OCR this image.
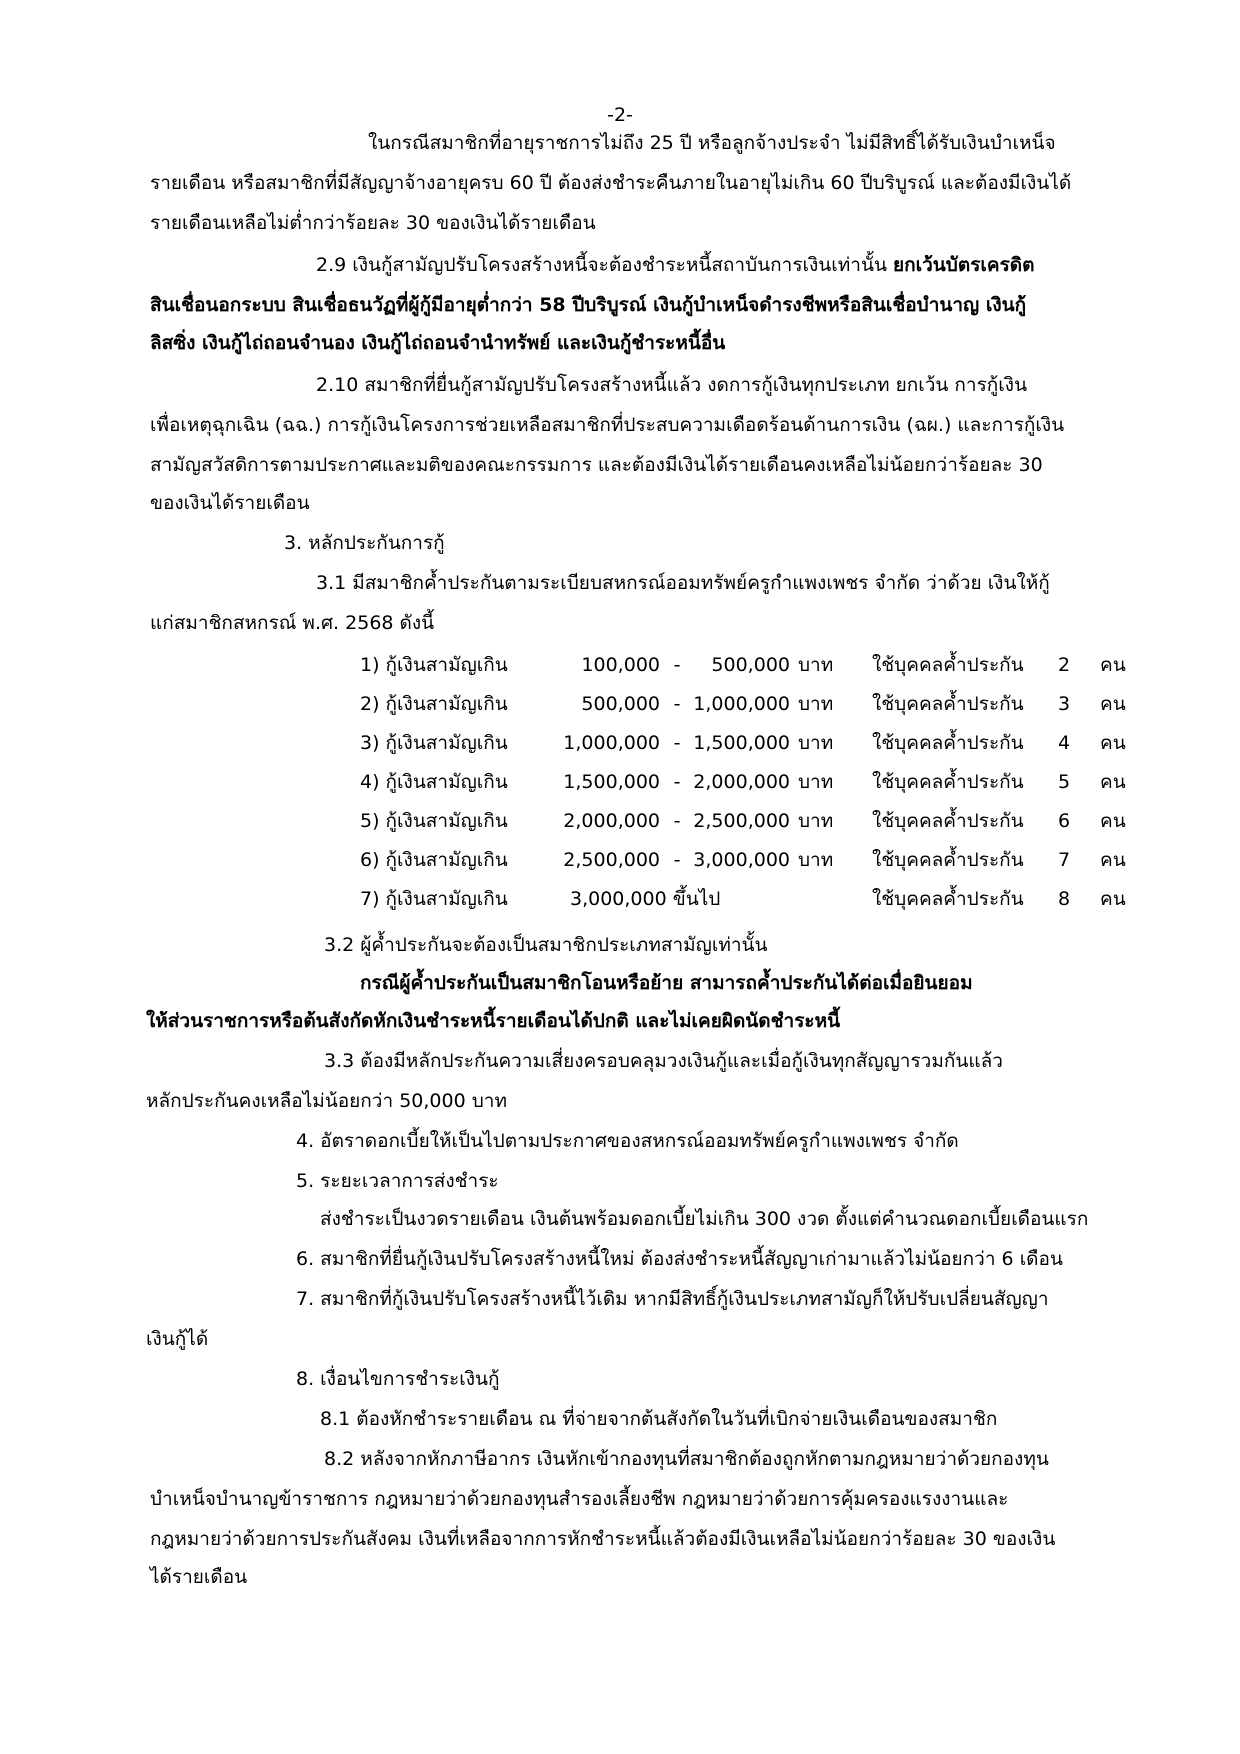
-2-
ในกรณีสมาชิกที่อายุราชการไม่ถึง 25 ปี หรือลูกจ้างประจำ ไม่มีสิทธิ์ได้รับเงินบำเหน็จ
รายเดือน หรือสมาชิกที่มีสัญญาจ้างอายุครบ 60 ปี ต้องส่งชำระคืนภายในอายุไม่เกิน 60 ปีบริบูรณ์ และต้องมีเงินได้
รายเดือนเหลือไม่ต่ำกว่าร้อยละ 30 ของเงินได้รายเดือน
2.9 เงินกู้สามัญปรับโครงสร้างหนี้จะต้องชำระหนี้สถาบันการเงินเท่านั้น ยกเว้นบัตรเครดิต
สินเชื่อนอกระบบ สินเชื่อธนวัฏที่ผู้กู้มีอายุต่ำกว่า 58 ปีบริบูรณ์ เงินกู้บำเหน็จดำรงชีพหรือสินเชื่อบำนาญ เงินกู้
ลิสซิ่ง เงินกู้ไถ่ถอนจำนอง เงินกู้ไถ่ถอนจำนำทรัพย์ และเงินกู้ชำระหนี้อื่น
2.10 สมาชิกที่ยื่นกู้สามัญปรับโครงสร้างหนี้แล้ว งดการกู้เงินทุกประเภท ยกเว้น การกู้เงิน
เพื่อเหตุฉุกเฉิน (ฉฉ.) การกู้เงินโครงการช่วยเหลือสมาชิกที่ประสบความเดือดร้อนด้านการเงิน (ฉผ.) และการกู้เงิน
สามัญสวัสดิการตามประกาศและมติของคณะกรรมการ และต้องมีเงินได้รายเดือนคงเหลือไม่น้อยกว่าร้อยละ 30
ของเงินได้รายเดือน
3. หลักประกันการกู้
3.1 มีสมาชิกค้ำประกันตามระเบียบสหกรณ์ออมทรัพย์ครูกำแพงเพชร จำกัด ว่าด้วย เงินให้กู้
แก่สมาชิกสหกรณ์ พ.ศ. 2568 ดังนี้
1) กู้เงินสามัญเกิน	100,000 -	500,000 บาท ใช้บุคคลค้ำประกัน 2 คน
2) กู้เงินสามัญเกิน	500,000 - 1,000,000 บาท ใช้บุคคลค้ำประกัน 3 คน
3) กู้เงินสามัญเกิน	1,000,000 - 1,500,000 บาท ใช้บุคคลค้ำประกัน 4 คน
4) กู้เงินสามัญเกิน	1,500,000 - 2,000,000 บาท ใช้บุคคลค้ำประกัน 5 คน
5) กู้เงินสามัญเกิน	2,000,000 - 2,500,000 บาท ใช้บุคคลค้ำประกัน 6 คน
6) กู้เงินสามัญเกิน	2,500,000 - 3,000,000 บาท ใช้บุคคลค้ำประกัน 7 คน
7) กู้เงินสามัญเกิน	3,000,000 ขึ้นไป	ใช้บุคคลค้ำประกัน 8 คน
3.2 ผู้ค้ำประกันจะต้องเป็นสมาชิกประเภทสามัญเท่านั้น
กรณีผู้ค้ำประกันเป็นสมาชิกโอนหรือย้าย สามารถค้ำประกันได้ต่อเมื่อยินยอม
ให้ส่วนราชการหรือต้นสังกัดหักเงินชำระหนี้รายเดือนได้ปกติ และไม่เคยผิดนัดชำระหนี้
3.3 ต้องมีหลักประกันความเสี่ยงครอบคลุมวงเงินกู้และเมื่อกู้เงินทุกสัญญารวมกันแล้ว
หลักประกันคงเหลือไม่น้อยกว่า 50,000 บาท
4. อัตราดอกเบี้ยให้เป็นไปตามประกาศของสหกรณ์ออมทรัพย์ครูกำแพงเพชร จำกัด
5. ระยะเวลาการส่งชำระ
ส่งชำระเป็นงวดรายเดือน เงินต้นพร้อมดอกเบี้ยไม่เกิน 300 งวด ตั้งแต่คำนวณดอกเบี้ยเดือนแรก
6. สมาชิกที่ยื่นกู้เงินปรับโครงสร้างหนี้ใหม่ ต้องส่งชำระหนี้สัญญาเก่ามาแล้วไม่น้อยกว่า 6 เดือน
7. สมาชิกที่กู้เงินปรับโครงสร้างหนี้ไว้เดิม หากมีสิทธิ์กู้เงินประเภทสามัญก็ให้ปรับเปลี่ยนสัญญา
เงินกู้ได้
8. เงื่อนไขการชำระเงินกู้
8.1 ต้องหักชำระรายเดือน ณ ที่จ่ายจากต้นสังกัดในวันที่เบิกจ่ายเงินเดือนของสมาชิก
8.2 หลังจากหักภาษีอากร เงินหักเข้ากองทุนที่สมาชิกต้องถูกหักตามกฎหมายว่าด้วยกองทุน
บำเหน็จบำนาญข้าราชการ กฎหมายว่าด้วยกองทุนสำรองเลี้ยงชีพ กฎหมายว่าด้วยการคุ้มครองแรงงานและ
กฎหมายว่าด้วยการประกันสังคม เงินที่เหลือจากการหักชำระหนี้แล้วต้องมีเงินเหลือไม่น้อยกว่าร้อยละ 30 ของเงิน
ได้รายเดือน
